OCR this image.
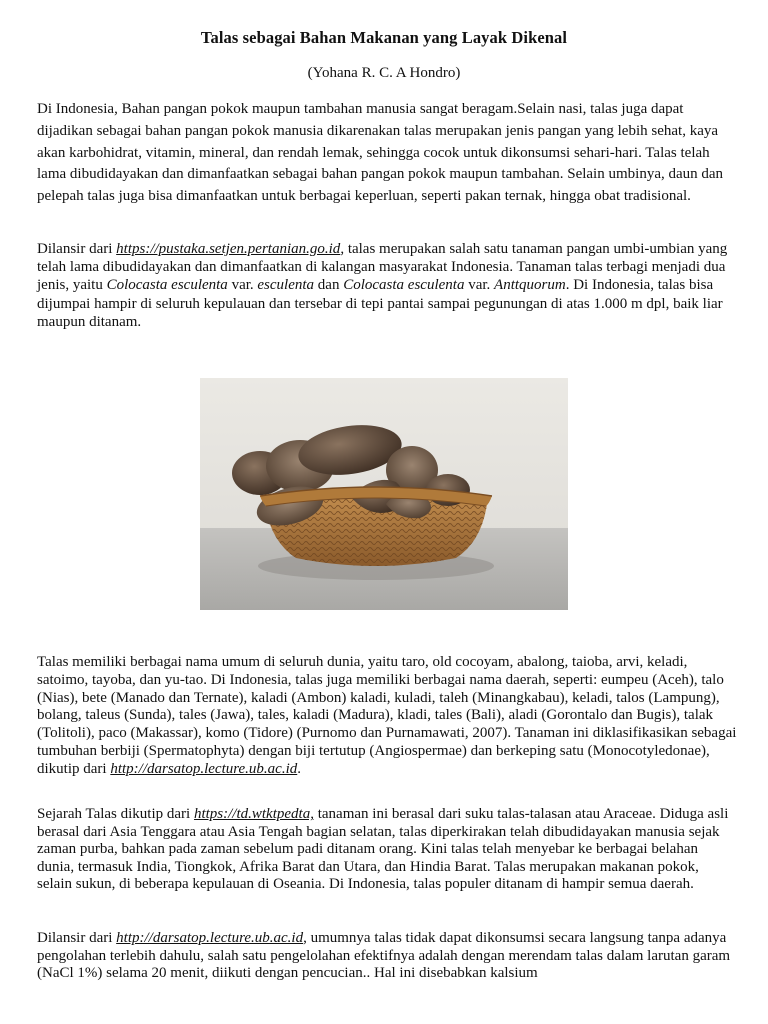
Talas sebagai Bahan Makanan yang Layak Dikenal
(Yohana R. C. A Hondro)

Di Indonesia, Bahan pangan pokok maupun tambahan manusia sangat beragam.Selain nasi, talas juga dapat dijadikan sebagai bahan pangan pokok manusia dikarenakan talas merupakan jenis pangan yang lebih sehat, kaya akan karbohidrat, vitamin, mineral, dan rendah lemak, sehingga cocok untuk dikonsumsi sehari-hari. Talas telah lama dibudidayakan dan dimanfaatkan sebagai bahan pangan pokok maupun tambahan. Selain umbinya, daun dan pelepah talas juga bisa dimanfaatkan untuk berbagai keperluan, seperti pakan ternak, hingga obat tradisional.

Dilansir dari https://pustaka.setjen.pertanian.go.id, talas merupakan salah satu tanaman pangan umbi-umbian yang telah lama dibudidayakan dan dimanfaatkan di kalangan masyarakat Indonesia. Tanaman talas terbagi menjadi dua jenis, yaitu Colocasta esculenta var. esculenta dan Colocasta esculenta var. Anttquorum. Di Indonesia, talas bisa dijumpai hampir di seluruh kepulauan dan tersebar di tepi pantai sampai pegunungan di atas 1.000 m dpl, baik liar maupun ditanam.

Talas memiliki berbagai nama umum di seluruh dunia, yaitu taro, old cocoyam, abalong, taioba, arvi, keladi, satoimo, tayoba, dan yu-tao. Di Indonesia, talas juga memiliki berbagai nama daerah, seperti: eumpeu (Aceh), talo (Nias), bete (Manado dan Ternate), kaladi (Ambon) kaladi, kuladi, taleh (Minangkabau), keladi, talos (Lampung), bolang, taleus (Sunda), tales (Jawa), tales, kaladi (Madura), kladi, tales (Bali), aladi (Gorontalo dan Bugis), talak (Tolitoli), paco (Makassar), komo (Tidore) (Purnomo dan Purnamawati, 2007). Tanaman ini diklasifikasikan sebagai tumbuhan berbiji (Spermatophyta) dengan biji tertutup (Angiospermae) dan berkeping satu (Monocotyledonae), dikutip dari http://darsatop.lecture.ub.ac.id.

Sejarah Talas dikutip dari https://td.wtktpedta, tanaman ini berasal dari suku talas-talasan atau Araceae. Diduga asli berasal dari Asia Tenggara atau Asia Tengah bagian selatan, talas diperkirakan telah dibudidayakan manusia sejak zaman purba, bahkan pada zaman sebelum padi ditanam orang. Kini talas telah menyebar ke berbagai belahan dunia, termasuk India, Tiongkok, Afrika Barat dan Utara, dan Hindia Barat. Talas merupakan makanan pokok, selain sukun, di beberapa kepulauan di Oseania. Di Indonesia, talas populer ditanam di hampir semua daerah.

Dilansir dari http://darsatop.lecture.ub.ac.id, umumnya talas tidak dapat dikonsumsi secara langsung tanpa adanya pengolahan terlebih dahulu, salah satu pengelolahan efektifnya adalah dengan merendam talas dalam larutan garam (NaCl 1%) selama 20 menit, diikuti dengan pencucian.. Hal ini disebabkan kalsium
